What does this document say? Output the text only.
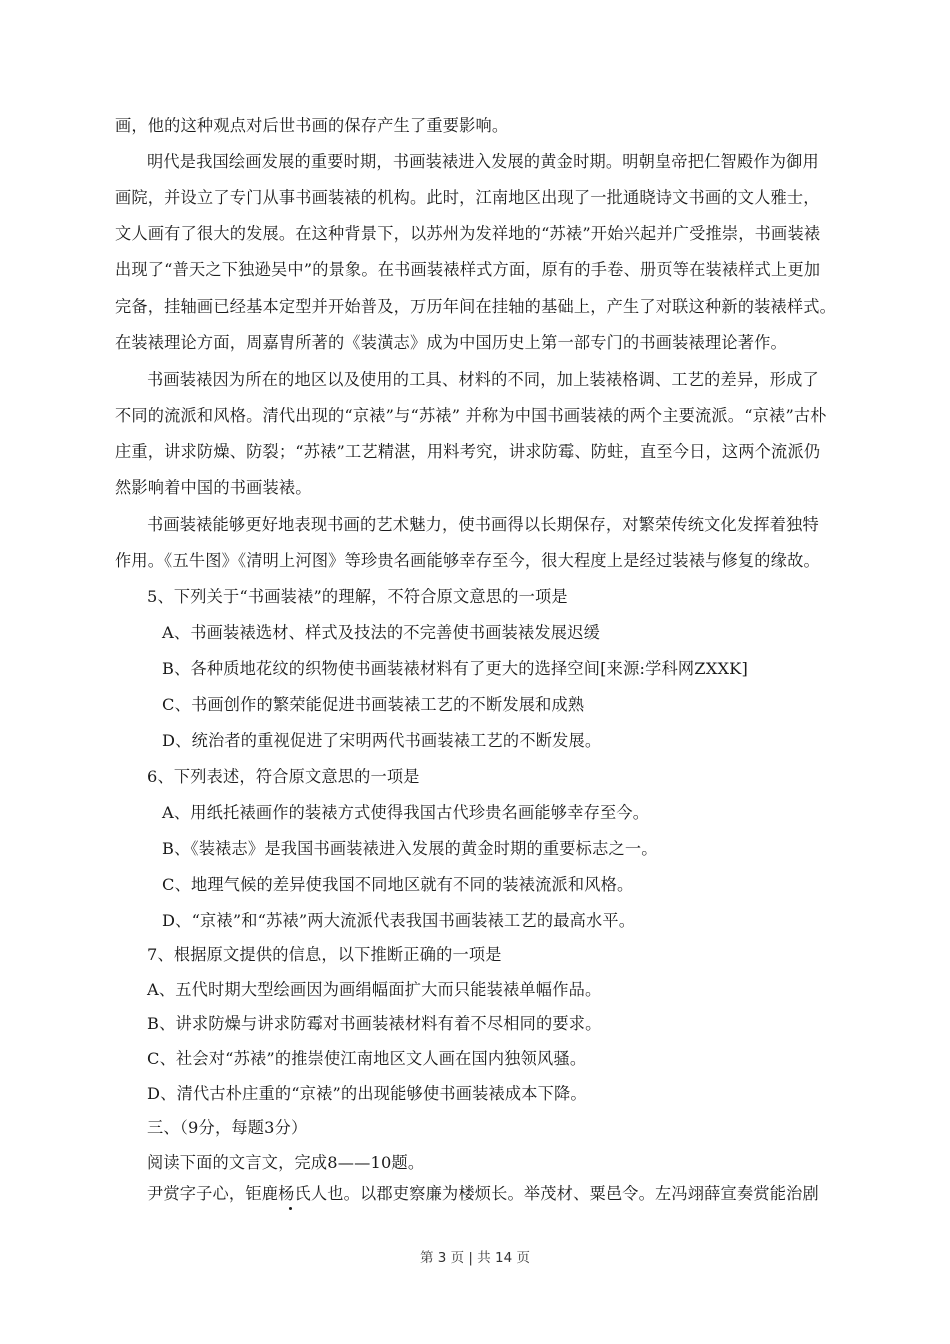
画，他的这种观点对后世书画的保存产生了重要影响。
明代是我国绘画发展的重要时期，书画装裱进入发展的黄金时期。明朝皇帝把仁智殿作为御用
画院，并设立了专门从事书画装裱的机构。此时，江南地区出现了一批通晓诗文书画的文人雅士，
文人画有了很大的发展。在这种背景下，以苏州为发祥地的“苏裱”开始兴起并广受推崇，书画装裱
出现了“普天之下独逊吴中”的景象。在书画装裱样式方面，原有的手卷、册页等在装裱样式上更加
完备，挂轴画已经基本定型并开始普及，万历年间在挂轴的基础上，产生了对联这种新的装裱样式。
在装裱理论方面，周嘉胄所著的《装潢志》成为中国历史上第一部专门的书画装裱理论著作。
书画装裱因为所在的地区以及使用的工具、材料的不同，加上装裱格调、工艺的差异，形成了
不同的流派和风格。清代出现的“京裱”与“苏裱” 并称为中国书画装裱的两个主要流派。“京裱”古朴
庄重，讲求防燥、防裂；“苏裱”工艺精湛，用料考究，讲求防霉、防蛀，直至今日，这两个流派仍
然影响着中国的书画装裱。
书画装裱能够更好地表现书画的艺术魅力，使书画得以长期保存，对繁荣传统文化发挥着独特
作用。《五牛图》《清明上河图》等珍贵名画能够幸存至今，很大程度上是经过装裱与修复的缘故。
5、下列关于“书画装裱”的理解，不符合原文意思的一项是
A、书画装裱选材、样式及技法的不完善使书画装裱发展迟缓
B、各种质地花纹的织物使书画装裱材料有了更大的选择空间[来源:学科网ZXXK]
C、书画创作的繁荣能促进书画装裱工艺的不断发展和成熟
D、统治者的重视促进了宋明两代书画装裱工艺的不断发展。
6、下列表述，符合原文意思的一项是
A、用纸托裱画作的装裱方式使得我国古代珍贵名画能够幸存至今。
B、《装裱志》是我国书画装裱进入发展的黄金时期的重要标志之一。
C、地理气候的差异使我国不同地区就有不同的装裱流派和风格。
D、“京裱”和“苏裱”两大流派代表我国书画装裱工艺的最高水平。
7、根据原文提供的信息，以下推断正确的一项是
A、五代时期大型绘画因为画绢幅面扩大而只能装裱单幅作品。
B、讲求防燥与讲求防霉对书画装裱材料有着不尽相同的要求。
C、社会对“苏裱”的推崇使江南地区文人画在国内独领风骚。
D、清代古朴庄重的“京裱”的出现能够使书画装裱成本下降。
三、（9分，每题3分）
阅读下面的文言文，完成8——10题。
尹赏字子心，钜鹿杨氏人也。以郡吏察廉为楼烦长。举茂材、粟邑令。左冯翊薛宣奏赏能治剧
第 3 页 | 共 14 页
